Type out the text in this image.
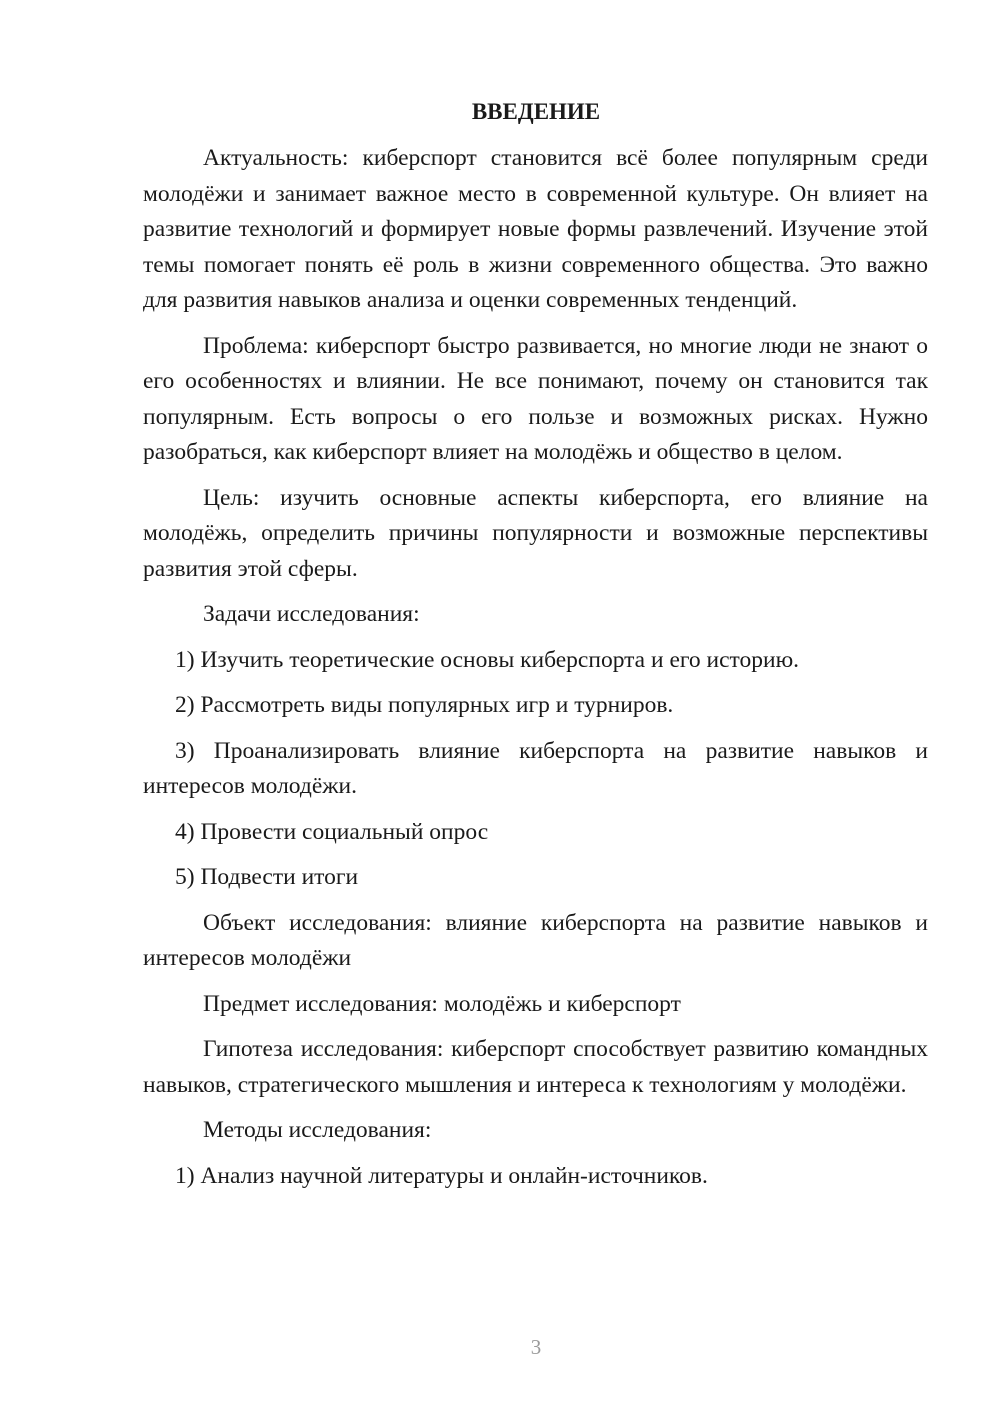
ВВЕДЕНИЕ

Актуальность: киберспорт становится всё более популярным среди молодёжи и занимает важное место в современной культуре. Он влияет на развитие технологий и формирует новые формы развлечений. Изучение этой темы помогает понять её роль в жизни современного общества. Это важно для развития навыков анализа и оценки современных тенденций.

Проблема: киберспорт быстро развивается, но многие люди не знают о его особенностях и влиянии. Не все понимают, почему он становится так популярным. Есть вопросы о его пользе и возможных рисках. Нужно разобраться, как киберспорт влияет на молодёжь и общество в целом.

Цель: изучить основные аспекты киберспорта, его влияние на молодёжь, определить причины популярности и возможные перспективы развития этой сферы.

Задачи исследования:

1) Изучить теоретические основы киберспорта и его историю.

2) Рассмотреть виды популярных игр и турниров.

3) Проанализировать влияние киберспорта на развитие навыков и интересов молодёжи.

4) Провести социальный опрос

5) Подвести итоги

Объект исследования: влияние киберспорта на развитие навыков и интересов молодёжи

Предмет исследования: молодёжь и киберспорт

Гипотеза исследования: киберспорт способствует развитию командных навыков, стратегического мышления и интереса к технологиям у молодёжи.

Методы исследования:

1) Анализ научной литературы и онлайн-источников.

3
